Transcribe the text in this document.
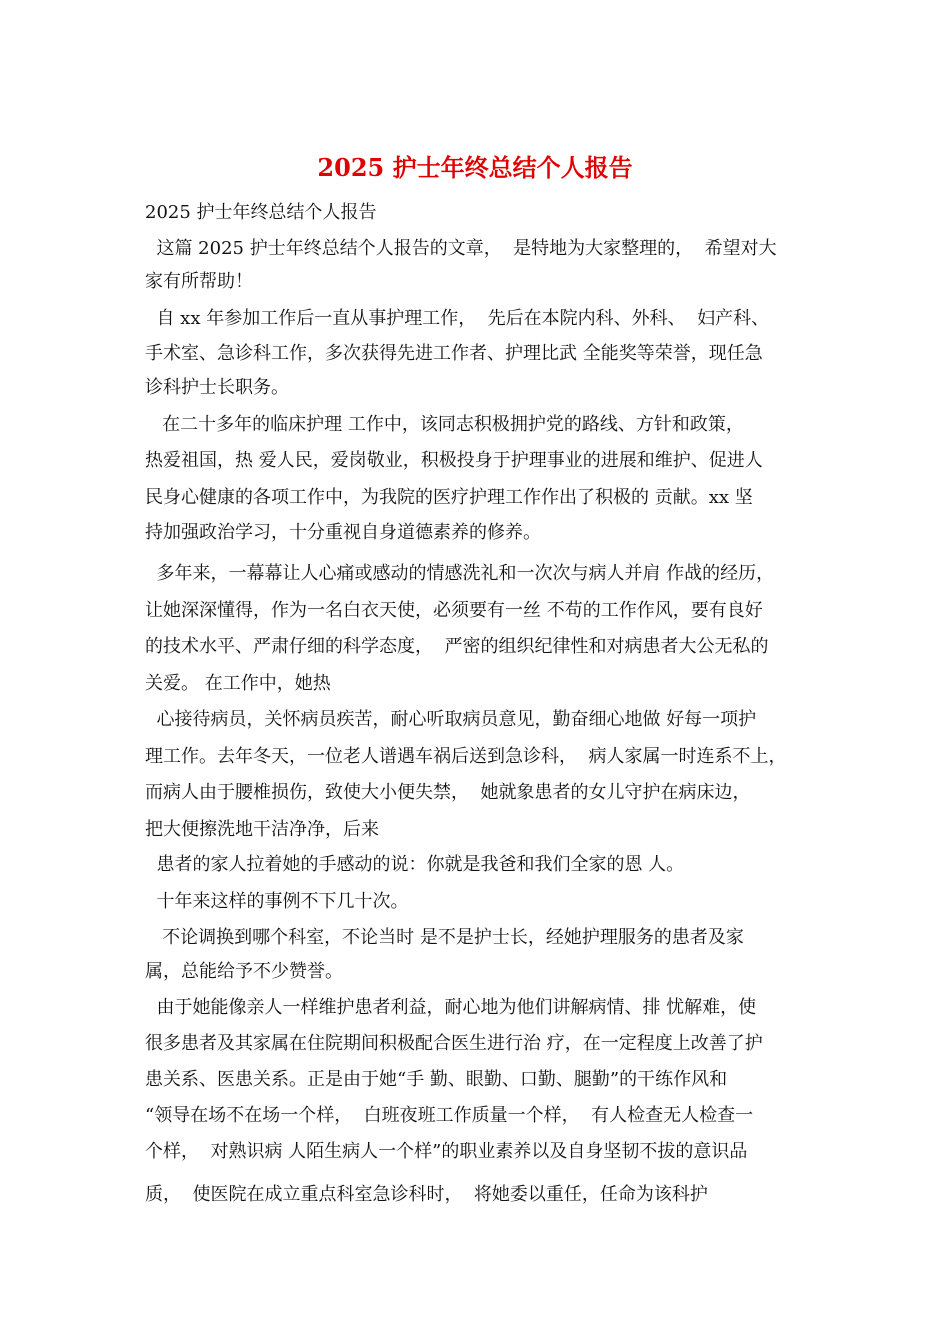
2025 护士年终总结个人报告

2025 护士年终总结个人报告

这篇 2025 护士年终总结个人报告的文章，  是特地为大家整理的，  希望对大

家有所帮助！

自 xx 年参加工作后一直从事护理工作，  先后在本院内科、外科、  妇产科、

手术室、急诊科工作，多次获得先进工作者、护理比武 全能奖等荣誉，现任急

诊科护士长职务。

在二十多年的临床护理 工作中，该同志积极拥护党的路线、方针和政策，

热爱祖国，热 爱人民，爱岗敬业，积极投身于护理事业的进展和维护、促进人

民身心健康的各项工作中，为我院的医疗护理工作作出了积极的 贡献。xx 坚

持加强政治学习，十分重视自身道德素养的修养。

多年来，一幕幕让人心痛或感动的情感洗礼和一次次与病人并肩 作战的经历，

让她深深懂得，作为一名白衣天使，必须要有一丝 不苟的工作作风，要有良好

的技术水平、严肃仔细的科学态度，  严密的组织纪律性和对病患者大公无私的

关爱。 在工作中，她热

心接待病员，关怀病员疾苦，耐心听取病员意见，勤奋细心地做 好每一项护

理工作。去年冬天，一位老人谱遇车祸后送到急诊科，  病人家属一时连系不上，

而病人由于腰椎损伤，致使大小便失禁，  她就象患者的女儿守护在病床边，

把大便擦洗地干洁净净，后来

患者的家人拉着她的手感动的说：你就是我爸和我们全家的恩 人。

十年来这样的事例不下几十次。

不论调换到哪个科室，不论当时 是不是护士长，经她护理服务的患者及家

属，总能给予不少赞誉。

由于她能像亲人一样维护患者利益，耐心地为他们讲解病情、排 忧解难，使

很多患者及其家属在住院期间积极配合医生进行治 疗，在一定程度上改善了护

患关系、医患关系。正是由于她“手 勤、眼勤、口勤、腿勤”的干练作风和

“领导在场不在场一个样，  白班夜班工作质量一个样，  有人检查无人检查一

个样，  对熟识病 人陌生病人一个样”的职业素养以及自身坚韧不拔的意识品

质，  使医院在成立重点科室急诊科时，  将她委以重任，任命为该科护
